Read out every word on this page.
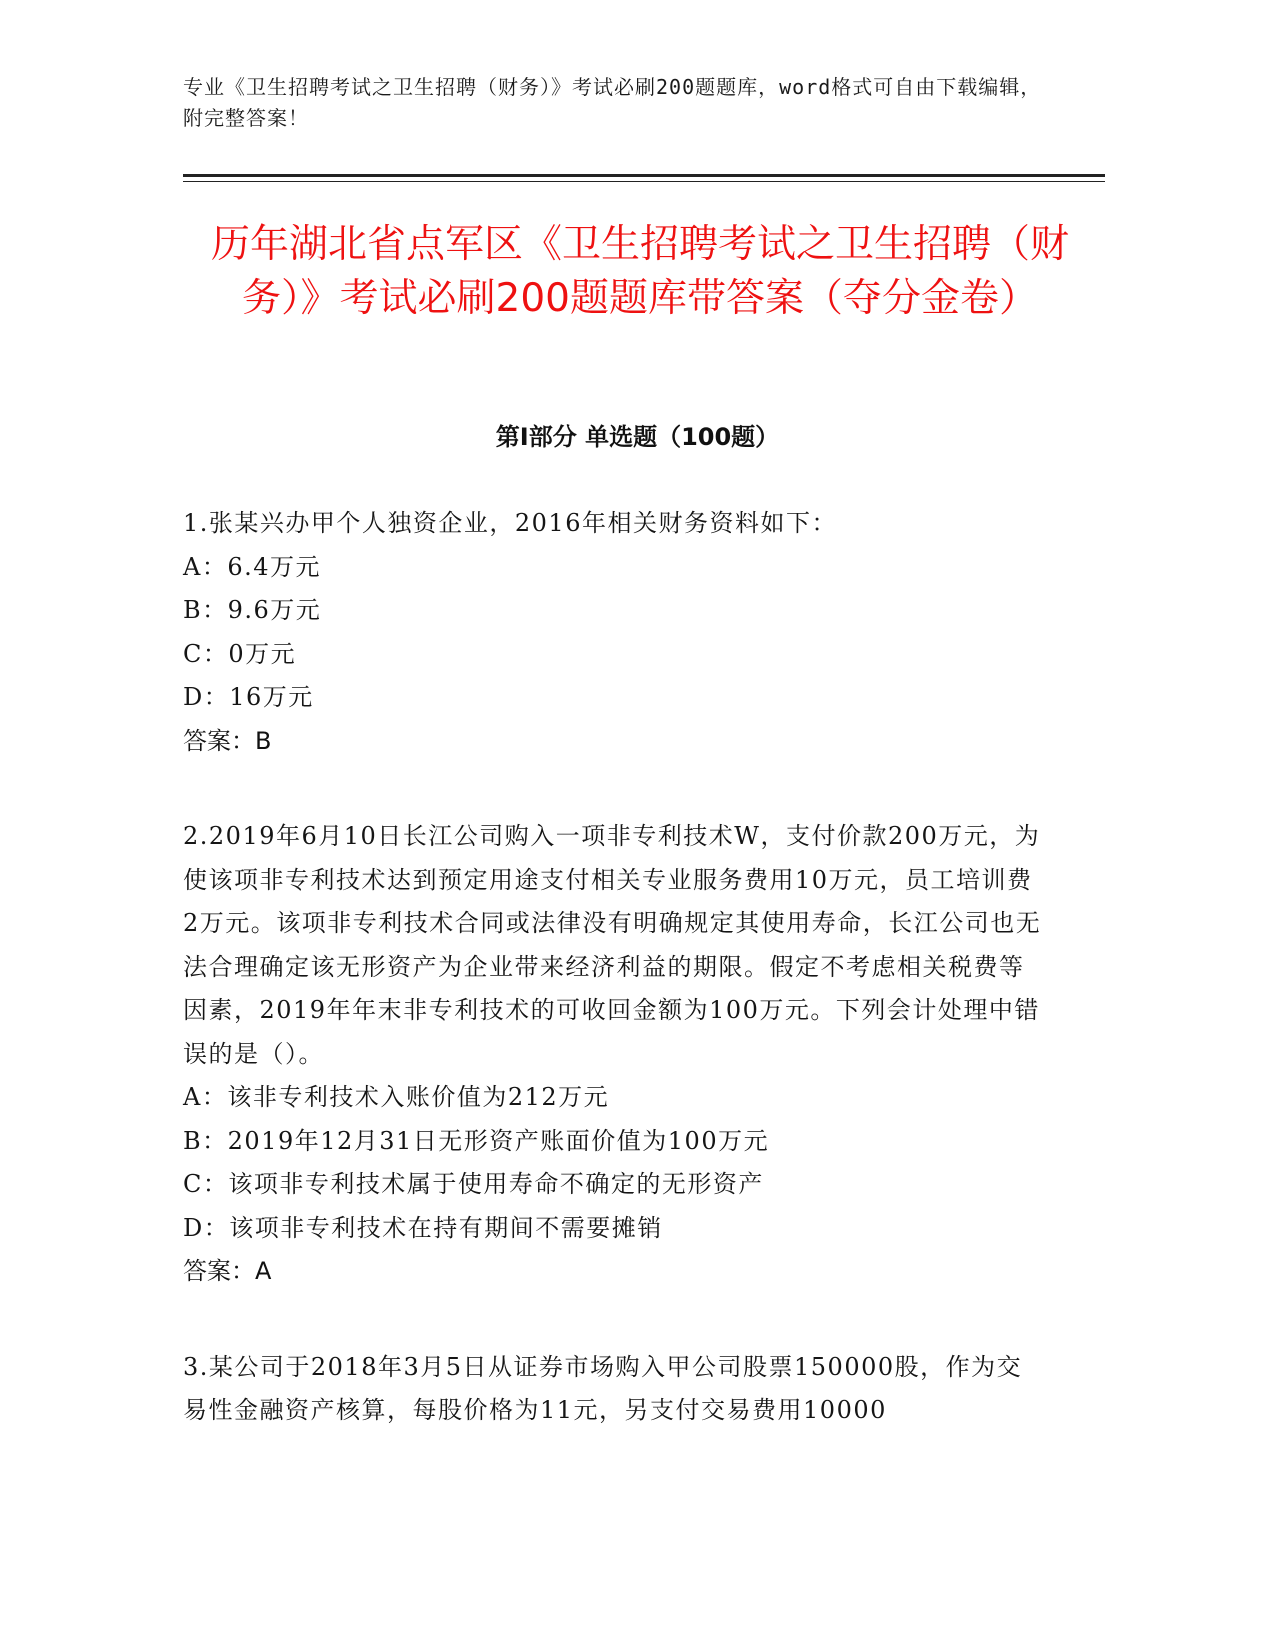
专业《卫生招聘考试之卫生招聘（财务）》考试必刷200题题库，word格式可自由下载编辑，附完整答案！
历年湖北省点军区《卫生招聘考试之卫生招聘（财务）》考试必刷200题题库带答案（夺分金卷）
第Ⅰ部分 单选题（100题）

1.张某兴办甲个人独资企业，2016年相关财务资料如下：

A：6.4万元

B：9.6万元

C：0万元

D：16万元

答案：B

2.2019年6月10日长江公司购入一项非专利技术W，支付价款200万元，为使该项非专利技术达到预定用途支付相关专业服务费用10万元，员工培训费2万元。该项非专利技术合同或法律没有明确规定其使用寿命，长江公司也无法合理确定该无形资产为企业带来经济利益的期限。假定不考虑相关税费等因素，2019年年末非专利技术的可收回金额为100万元。下列会计处理中错误的是（）。

A：该非专利技术入账价值为212万元

B：2019年12月31日无形资产账面价值为100万元

C：该项非专利技术属于使用寿命不确定的无形资产

D：该项非专利技术在持有期间不需要摊销

答案：A

3.某公司于2018年3月5日从证券市场购入甲公司股票150000股，作为交易性金融资产核算，每股价格为11元，另支付交易费用10000
